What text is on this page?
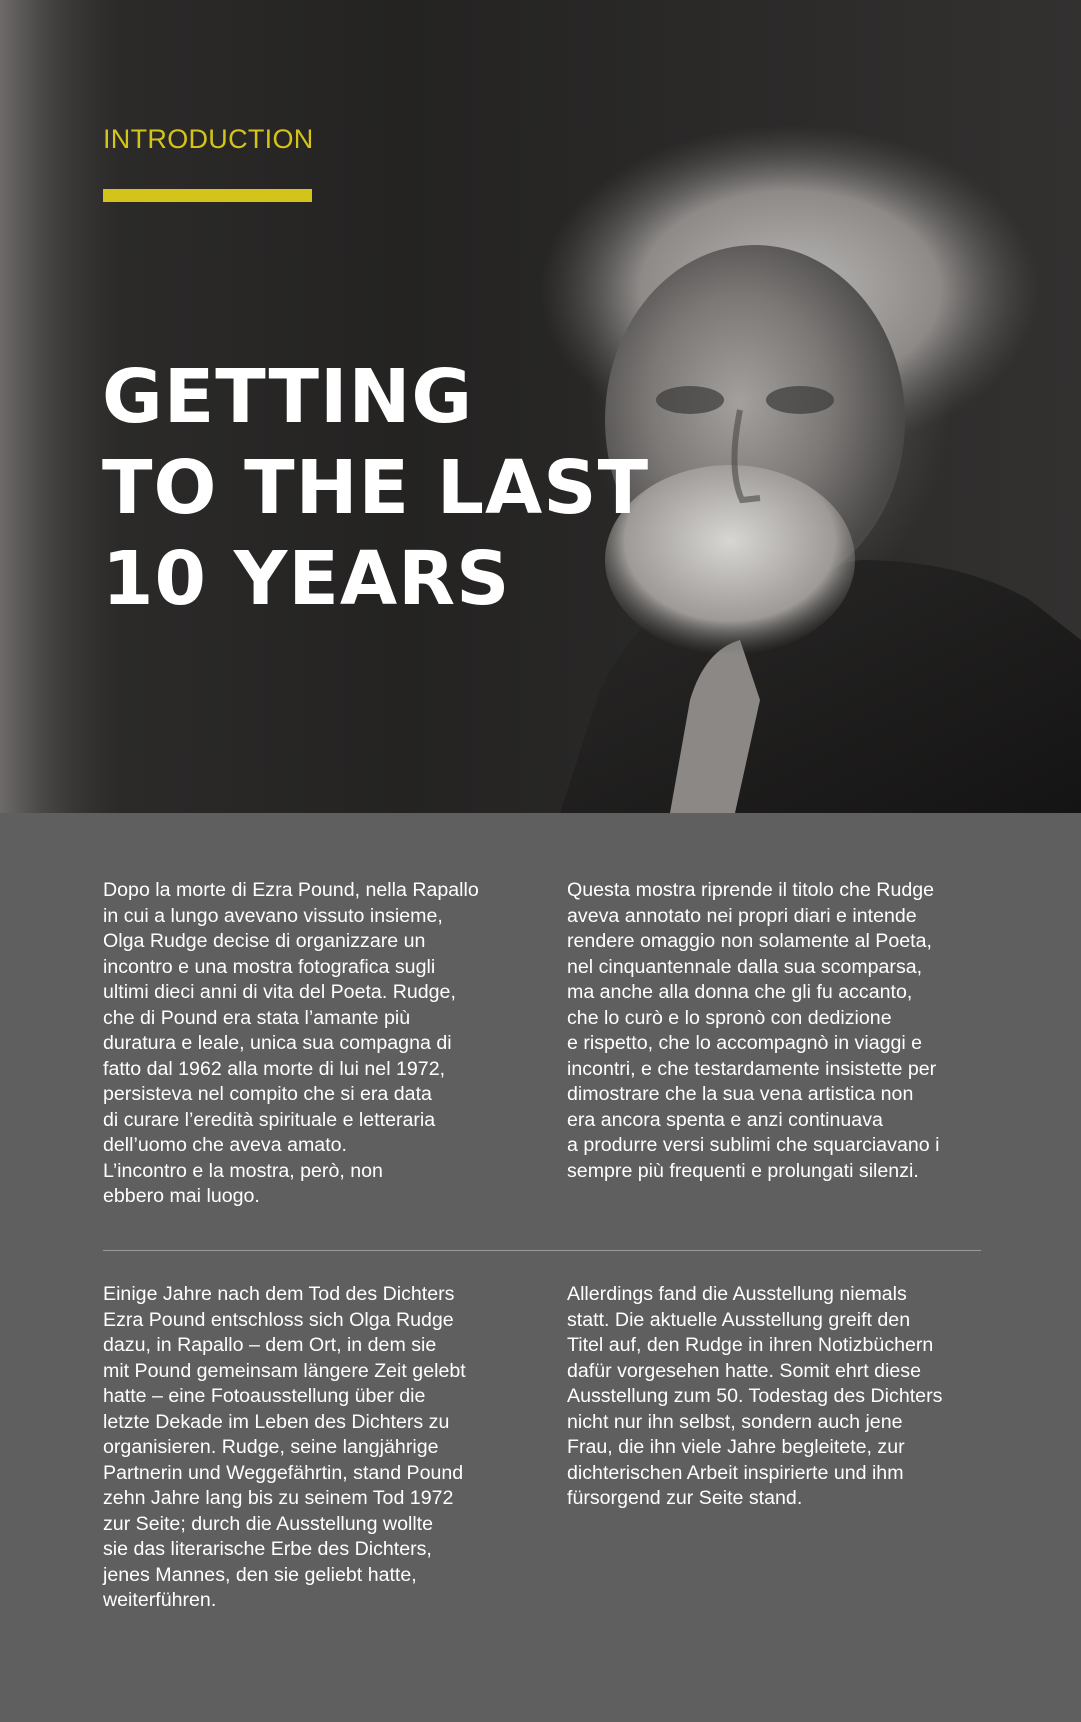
INTRODUCTION

GETTING
TO THE LAST
10 YEARS

Dopo la morte di Ezra Pound, nella Rapallo
in cui a lungo avevano vissuto insieme,
Olga Rudge decise di organizzare un
incontro e una mostra fotografica sugli
ultimi dieci anni di vita del Poeta. Rudge,
che di Pound era stata l’amante più
duratura e leale, unica sua compagna di
fatto dal 1962 alla morte di lui nel 1972,
persisteva nel compito che si era data
di curare l’eredità spirituale e letteraria
dell’uomo che aveva amato.
L’incontro e la mostra, però, non
ebbero mai luogo.

Questa mostra riprende il titolo che Rudge
aveva annotato nei propri diari e intende
rendere omaggio non solamente al Poeta,
nel cinquantennale dalla sua scomparsa,
ma anche alla donna che gli fu accanto,
che lo curò e lo spronò con dedizione
e rispetto, che lo accompagnò in viaggi e
incontri, e che testardamente insistette per
dimostrare che la sua vena artistica non
era ancora spenta e anzi continuava
a produrre versi sublimi che squarciavano i
sempre più frequenti e prolungati silenzi.

Einige Jahre nach dem Tod des Dichters
Ezra Pound entschloss sich Olga Rudge
dazu, in Rapallo – dem Ort, in dem sie
mit Pound gemeinsam längere Zeit gelebt
hatte – eine Fotoausstellung über die
letzte Dekade im Leben des Dichters zu
organisieren. Rudge, seine langjährige
Partnerin und Weggefährtin, stand Pound
zehn Jahre lang bis zu seinem Tod 1972
zur Seite; durch die Ausstellung wollte
sie das literarische Erbe des Dichters,
jenes Mannes, den sie geliebt hatte,
weiterführen.

Allerdings fand die Ausstellung niemals
statt. Die aktuelle Ausstellung greift den
Titel auf, den Rudge in ihren Notizbüchern
dafür vorgesehen hatte. Somit ehrt diese
Ausstellung zum 50. Todestag des Dichters
nicht nur ihn selbst, sondern auch jene
Frau, die ihn viele Jahre begleitete, zur
dichterischen Arbeit inspirierte und ihm
fürsorgend zur Seite stand.
